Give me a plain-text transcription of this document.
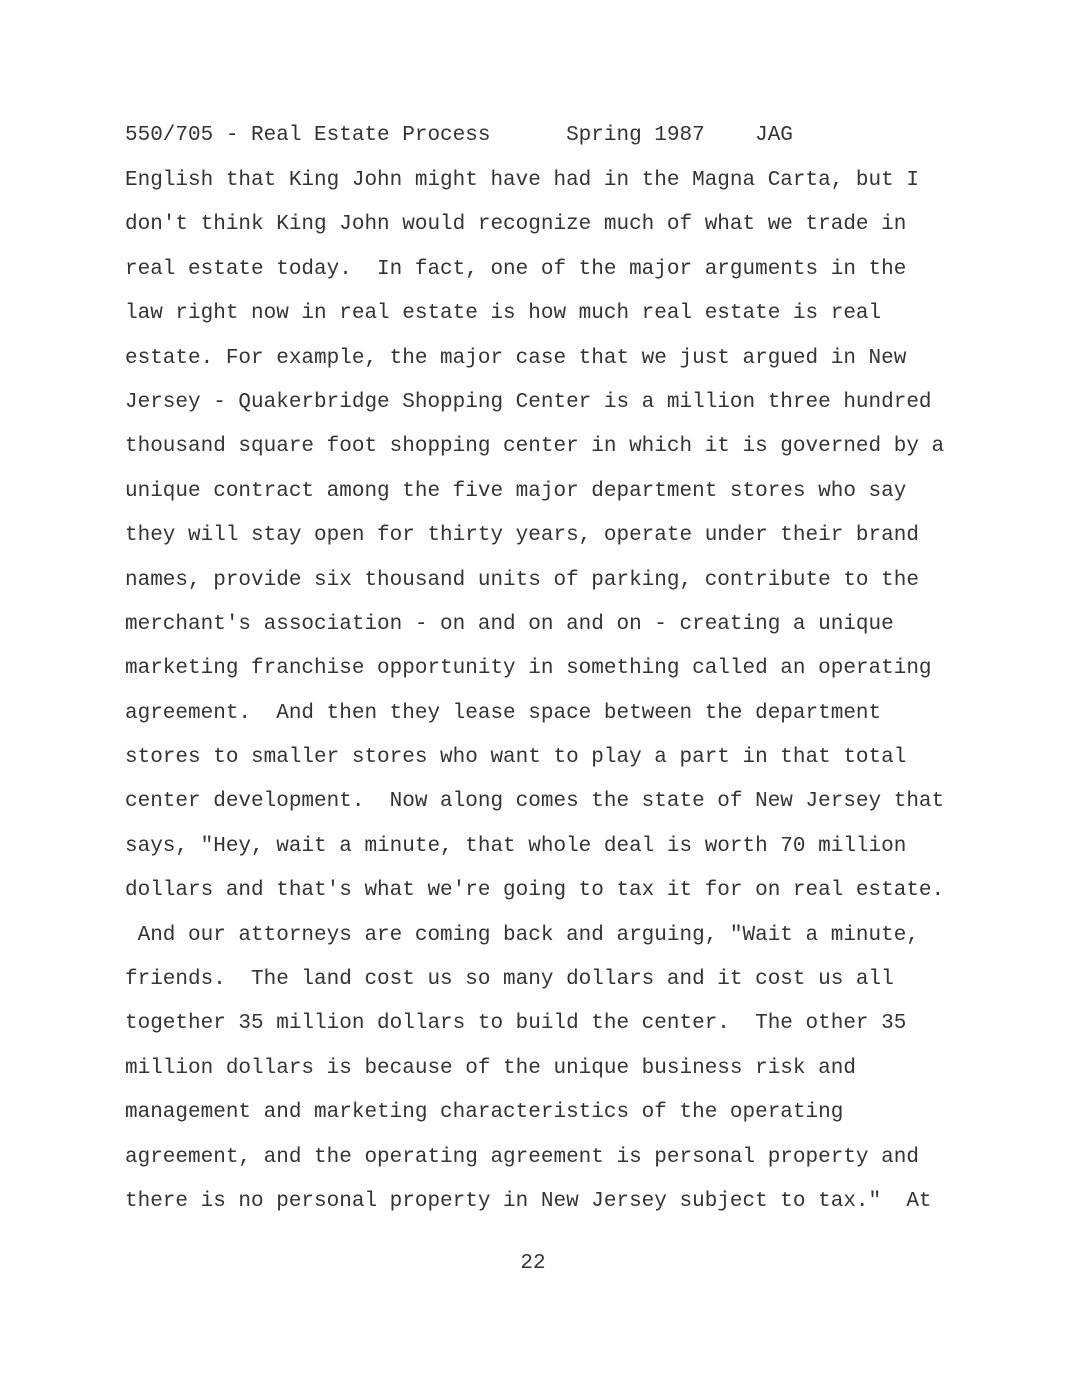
550/705 - Real Estate Process      Spring 1987    JAG
English that King John might have had in the Magna Carta, but I
don't think King John would recognize much of what we trade in
real estate today.  In fact, one of the major arguments in the
law right now in real estate is how much real estate is real
estate. For example, the major case that we just argued in New
Jersey - Quakerbridge Shopping Center is a million three hundred
thousand square foot shopping center in which it is governed by a
unique contract among the five major department stores who say
they will stay open for thirty years, operate under their brand
names, provide six thousand units of parking, contribute to the
merchant's association - on and on and on - creating a unique
marketing franchise opportunity in something called an operating
agreement.  And then they lease space between the department
stores to smaller stores who want to play a part in that total
center development.  Now along comes the state of New Jersey that
says, "Hey, wait a minute, that whole deal is worth 70 million
dollars and that's what we're going to tax it for on real estate.
And our attorneys are coming back and arguing, "Wait a minute,
friends.  The land cost us so many dollars and it cost us all
together 35 million dollars to build the center.  The other 35
million dollars is because of the unique business risk and
management and marketing characteristics of the operating
agreement, and the operating agreement is personal property and
there is no personal property in New Jersey subject to tax."  At
22
